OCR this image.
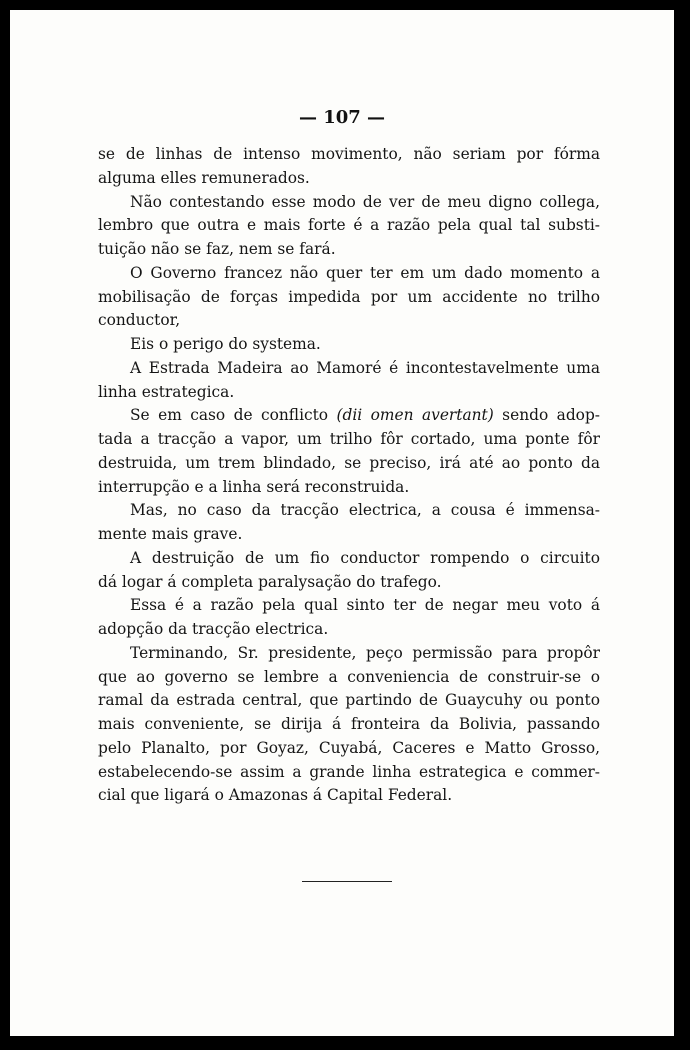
— 107 —
se de linhas de intenso movimento, não seriam por fórma
alguma elles remunerados.
Não contestando esse modo de ver de meu digno collega,
lembro que outra e mais forte é a razão pela qual tal substi-
tuição não se faz, nem se fará.
O Governo francez não quer ter em um dado momento a
mobilisação de forças impedida por um accidente no trilho
conductor,
Eis o perigo do systema.
A Estrada Madeira ao Mamoré é incontestavelmente uma
linha estrategica.
Se em caso de conflicto (dii omen avertant) sendo adop-
tada a tracção a vapor, um trilho fôr cortado, uma ponte fôr
destruida, um trem blindado, se preciso, irá até ao ponto da
interrupção e a linha será reconstruida.
Mas, no caso da tracção electrica, a cousa é immensa-
mente mais grave.
A destruição de um fio conductor rompendo o circuito
dá logar á completa paralysação do trafego.
Essa é a razão pela qual sinto ter de negar meu voto á
adopção da tracção electrica.
Terminando, Sr. presidente, peço permissão para propôr
que ao governo se lembre a conveniencia de construir-se o
ramal da estrada central, que partindo de Guaycuhy ou ponto
mais conveniente, se dirija á fronteira da Bolivia, passando
pelo Planalto, por Goyaz, Cuyabá, Caceres e Matto Grosso,
estabelecendo-se assim a grande linha estrategica e commer-
cial que ligará o Amazonas á Capital Federal.
